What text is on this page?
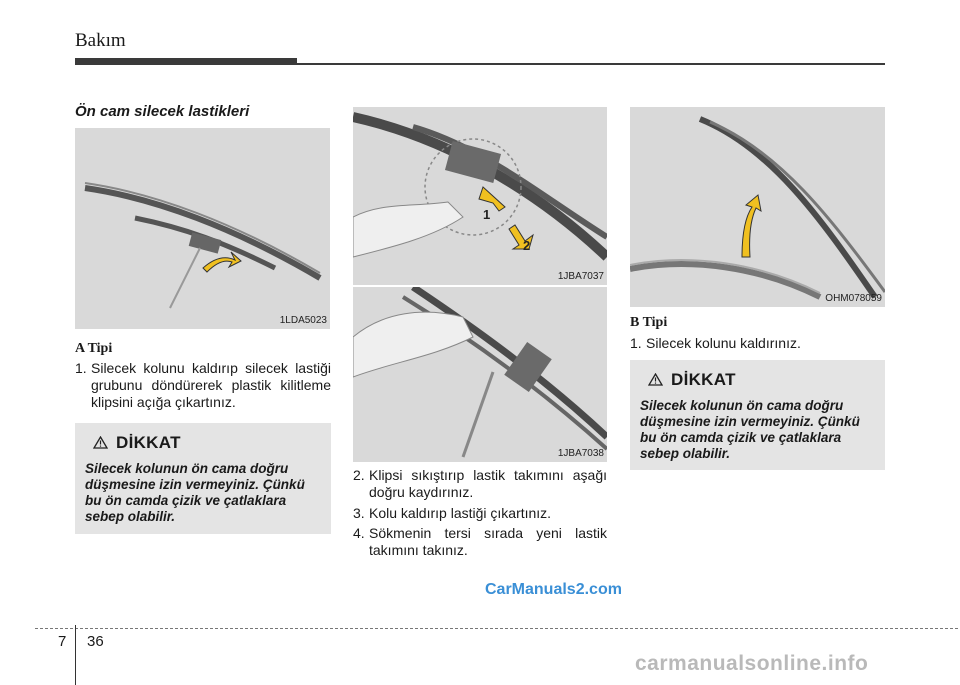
Bakım
Ön cam silecek lastikleri
1LDA5023
A Tipi
1. Silecek kolunu kaldırıp silecek lastiği grubunu döndürerek plastik kilitleme klipsini açığa çıkartınız.
DİKKAT
Silecek kolunun ön cama doğru düşmesine izin vermeyiniz. Çünkü bu ön camda çizik ve çatlaklara sebep olabilir.
1
2
1JBA7037
1JBA7038
2. Klipsi sıkıştırıp lastik takımını aşağı doğru kaydırınız.
3. Kolu kaldırıp lastiği çıkartınız.
4. Sökmenin tersi sırada yeni lastik takımını takınız.
OHM078059
B Tipi
1. Silecek kolunu kaldırınız.
DİKKAT
Silecek kolunun ön cama doğru düşmesine izin vermeyiniz. Çünkü bu ön camda çizik ve çatlaklara sebep olabilir.
CarManuals2.com
7 36
carmanualsonline.info
